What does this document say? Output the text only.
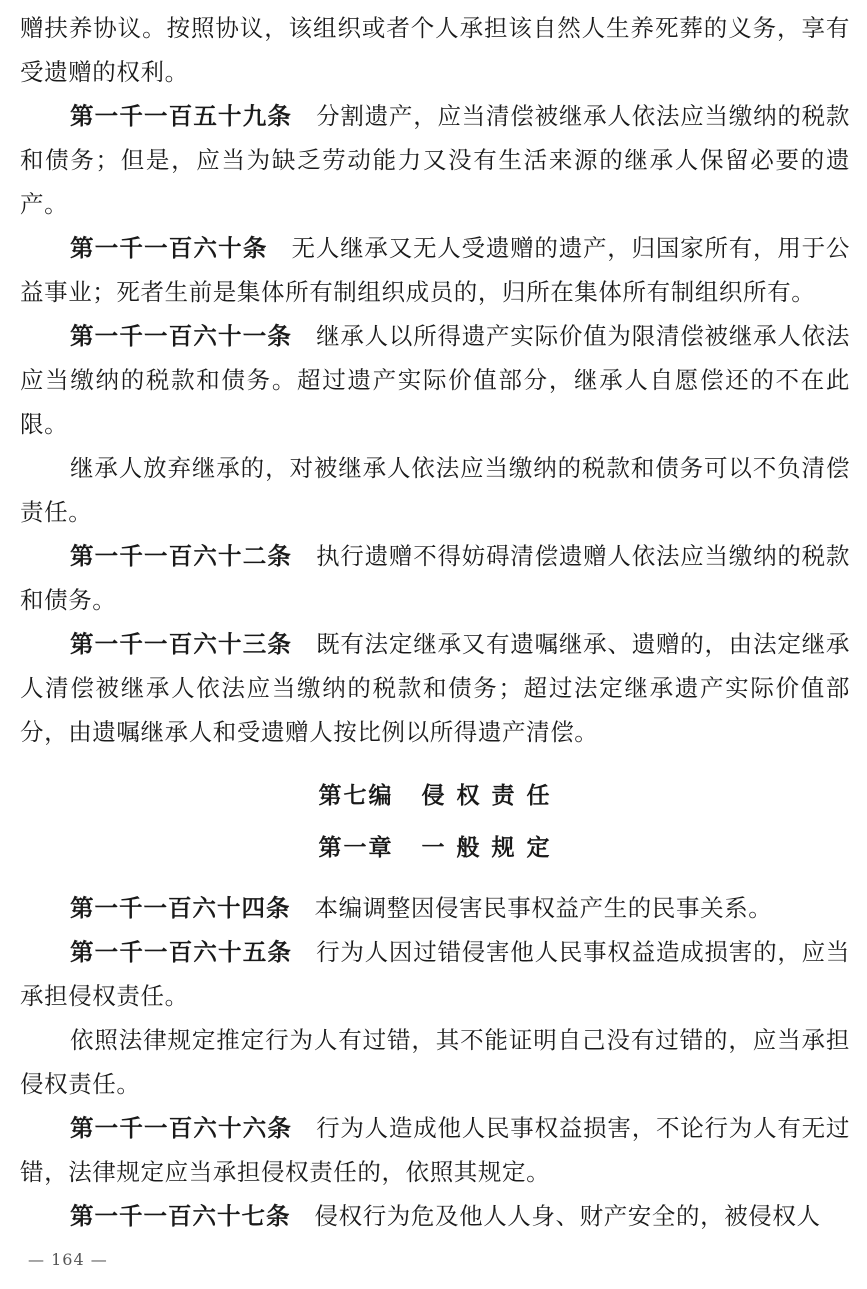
赠扶养协议。按照协议，该组织或者个人承担该自然人生养死葬的义务，享有受遗赠的权利。

第一千一百五十九条 分割遗产，应当清偿被继承人依法应当缴纳的税款和债务；但是，应当为缺乏劳动能力又没有生活来源的继承人保留必要的遗产。

第一千一百六十条 无人继承又无人受遗赠的遗产，归国家所有，用于公益事业；死者生前是集体所有制组织成员的，归所在集体所有制组织所有。

第一千一百六十一条 继承人以所得遗产实际价值为限清偿被继承人依法应当缴纳的税款和债务。超过遗产实际价值部分，继承人自愿偿还的不在此限。

继承人放弃继承的，对被继承人依法应当缴纳的税款和债务可以不负清偿责任。

第一千一百六十二条 执行遗赠不得妨碍清偿遗赠人依法应当缴纳的税款和债务。

第一千一百六十三条 既有法定继承又有遗嘱继承、遗赠的，由法定继承人清偿被继承人依法应当缴纳的税款和债务；超过法定继承遗产实际价值部分，由遗嘱继承人和受遗赠人按比例以所得遗产清偿。

第七编 侵 权 责 任

第一章 一 般 规 定

第一千一百六十四条 本编调整因侵害民事权益产生的民事关系。

第一千一百六十五条 行为人因过错侵害他人民事权益造成损害的，应当承担侵权责任。

依照法律规定推定行为人有过错，其不能证明自己没有过错的，应当承担侵权责任。

第一千一百六十六条 行为人造成他人民事权益损害，不论行为人有无过错，法律规定应当承担侵权责任的，依照其规定。

第一千一百六十七条 侵权行为危及他人人身、财产安全的，被侵权人

— 164 —
